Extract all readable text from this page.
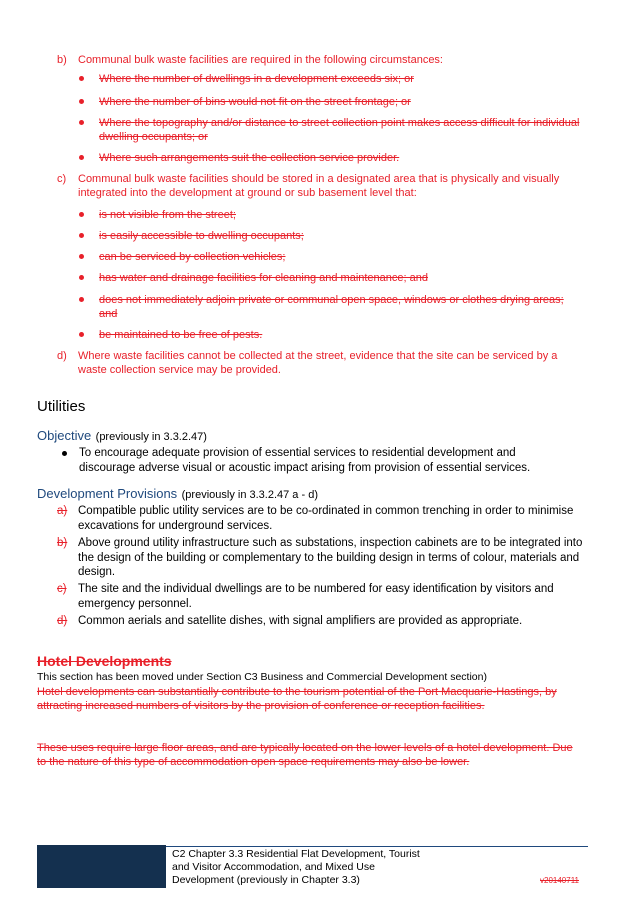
b) Communal bulk waste facilities are required in the following circumstances:
Where the number of dwellings in a development exceeds six; or
Where the number of bins would not fit on the street frontage; or
Where the topography and/or distance to street collection point makes access difficult for individual dwelling occupants; or
Where such arrangements suit the collection service provider.
c) Communal bulk waste facilities should be stored in a designated area that is physically and visually integrated into the development at ground or sub basement level that:
is not visible from the street;
is easily accessible to dwelling occupants;
can be serviced by collection vehicles;
has water and drainage facilities for cleaning and maintenance; and
does not immediately adjoin private or communal open space, windows or clothes drying areas; and
be maintained to be free of pests.
d) Where waste facilities cannot be collected at the street, evidence that the site can be serviced by a waste collection service may be provided.
Utilities
Objective (previously in 3.3.2.47)
To encourage adequate provision of essential services to residential development and discourage adverse visual or acoustic impact arising from provision of essential services.
Development Provisions (previously in 3.3.2.47 a - d)
a) Compatible public utility services are to be co-ordinated in common trenching in order to minimise excavations for underground services.
b) Above ground utility infrastructure such as substations, inspection cabinets are to be integrated into the design of the building or complementary to the building design in terms of colour, materials and design.
c) The site and the individual dwellings are to be numbered for easy identification by visitors and emergency personnel.
d) Common aerials and satellite dishes, with signal amplifiers are provided as appropriate.
Hotel Developments
This section has been moved under Section C3 Business and Commercial Development section)
Hotel developments can substantially contribute to the tourism potential of the Port Macquarie-Hastings, by attracting increased numbers of visitors by the provision of conference or reception facilities.
These uses require large floor areas, and are typically located on the lower levels of a hotel development. Due to the nature of this type of accommodation open space requirements may also be lower.
C2 Chapter 3.3 Residential Flat Development, Tourist
and Visitor Accommodation, and Mixed Use
Development (previously in Chapter 3.3)	v20140711
